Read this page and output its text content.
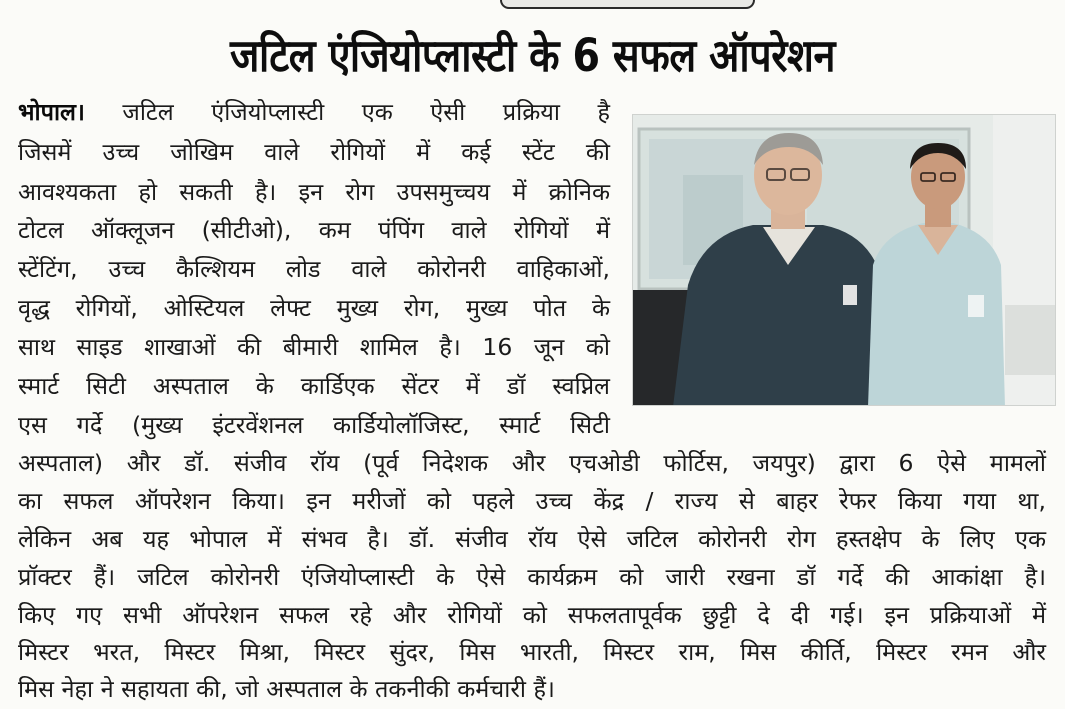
जटिल एंजियोप्लास्टी के 6 सफल ऑपरेशन

भोपाल। जटिल एंजियोप्लास्टी एक ऐसी प्रक्रिया है

जिसमें उच्च जोखिम वाले रोगियों में कई स्टेंट की

आवश्यकता हो सकती है। इन रोग उपसमुच्चय में क्रोनिक

टोटल ऑक्लूजन (सीटीओ), कम पंपिंग वाले रोगियों में

स्टेंटिंग, उच्च कैल्शियम लोड वाले कोरोनरी वाहिकाओं,

वृद्ध रोगियों, ओस्टियल लेफ्ट मुख्य रोग, मुख्य पोत के

साथ साइड शाखाओं की बीमारी शामिल है। 16 जून को

स्मार्ट सिटी अस्पताल के कार्डिएक सेंटर में डॉ स्वप्निल

एस गर्दे (मुख्य इंटरवेंशनल कार्डियोलॉजिस्ट, स्मार्ट सिटी

अस्पताल) और डॉ. संजीव रॉय (पूर्व निदेशक और एचओडी फोर्टिस, जयपुर) द्वारा 6 ऐसे मामलों

का सफल ऑपरेशन किया। इन मरीजों को पहले उच्च केंद्र / राज्य से बाहर रेफर किया गया था,

लेकिन अब यह भोपाल में संभव है। डॉ. संजीव रॉय ऐसे जटिल कोरोनरी रोग हस्तक्षेप के लिए एक

प्रॉक्टर हैं। जटिल कोरोनरी एंजियोप्लास्टी के ऐसे कार्यक्रम को जारी रखना डॉ गर्दे की आकांक्षा है।

किए गए सभी ऑपरेशन सफल रहे और रोगियों को सफलतापूर्वक छुट्टी दे दी गई। इन प्रक्रियाओं में

मिस्टर भरत, मिस्टर मिश्रा, मिस्टर सुंदर, मिस भारती, मिस्टर राम, मिस कीर्ति, मिस्टर रमन और

मिस नेहा ने सहायता की, जो अस्पताल के तकनीकी कर्मचारी हैं।
